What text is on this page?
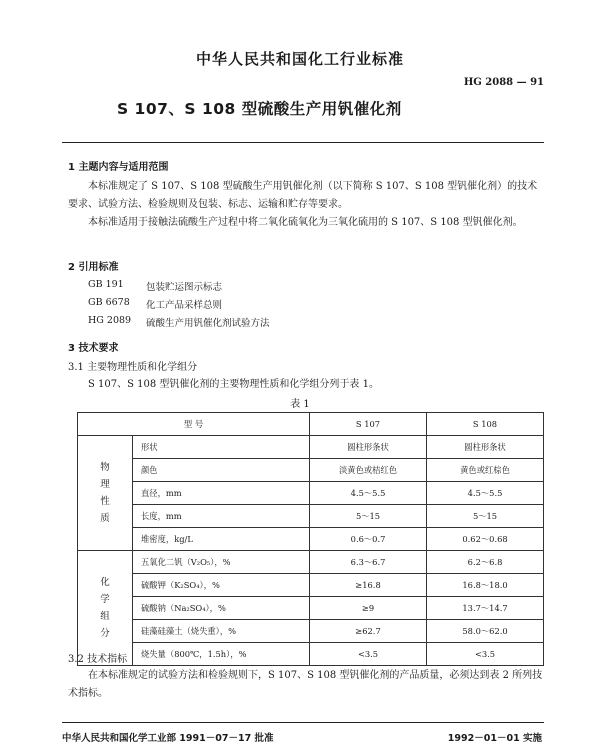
中华人民共和国化工行业标准
HG 2088 — 91
S 107、S 108 型硫酸生产用钒催化剂
1 主题内容与适用范围
本标准规定了 S 107、S 108 型硫酸生产用钒催化剂（以下简称 S 107、S 108 型钒催化剂）的技术要求、试验方法、检验规则及包装、标志、运输和贮存等要求。
本标准适用于接触法硫酸生产过程中将二氧化硫氧化为三氧化硫用的 S 107、S 108 型钒催化剂。
2 引用标准
GB 191 包装贮运图示标志
GB 6678 化工产品采样总则
HG 2089 硫酸生产用钒催化剂试验方法
3 技术要求
3.1 主要物理性质和化学组分
S 107、S 108 型钒催化剂的主要物理性质和化学组分列于表 1。
表 1
型 号		S 107	S 108
物
理
性
质	形状	圆柱形条状	圆柱形条状
	颜色	淡黄色或桔红色	黄色或红棕色
	直径，mm	4.5～5.5	4.5～5.5
	长度，mm	5～15	5～15
	堆密度，kg/L	0.6～0.7	0.62～0.68
化
学
组
分	五氧化二钒（V₂O₅），%	6.3～6.7	6.2～6.8
	硫酸钾（K₂SO₄），%	≥16.8	16.8～18.0
	硫酸钠（Na₂SO₄），%	≥9	13.7～14.7
	硅藻硅藻土（烧失重），%	≥62.7	58.0～62.0
	烧失量（800℃，1.5h），%	<3.5	<3.5
3.2 技术指标
在本标准规定的试验方法和检验规则下，S 107、S 108 型钒催化剂的产品质量，必须达到表 2 所列技术指标。
中华人民共和国化学工业部 1991－07－17 批准	1992－01－01 实施
